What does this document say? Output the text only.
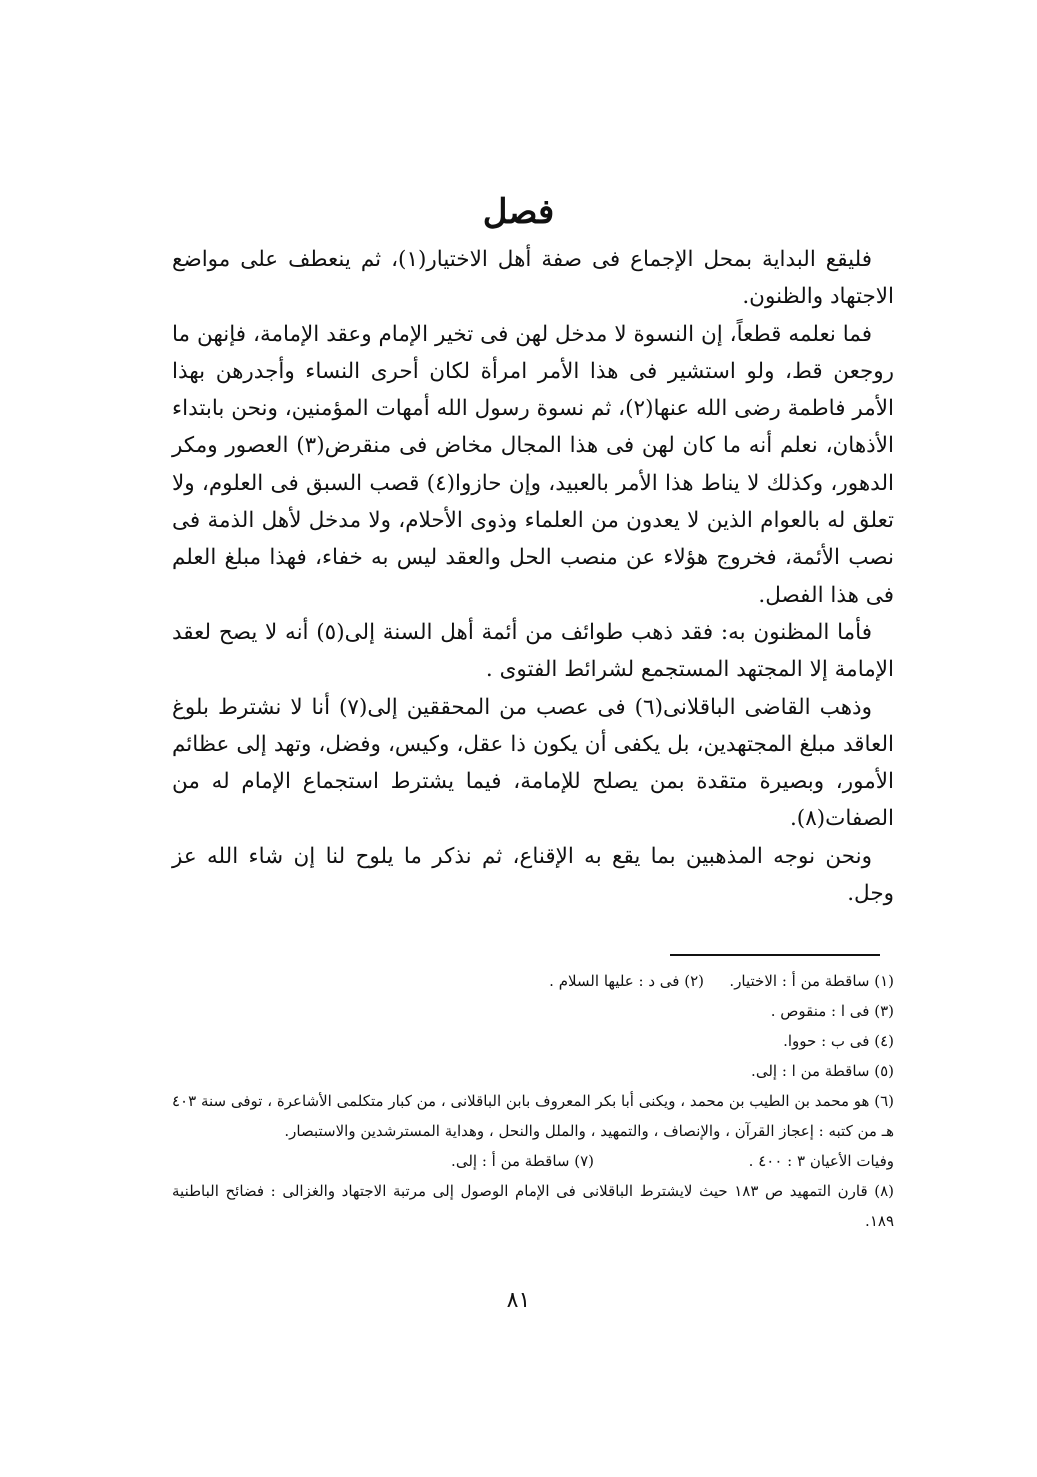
فصل

فليقع البداية بمحل الإجماع فى صفة أهل الاختيار(١)، ثم ينعطف على مواضع الاجتهاد والظنون.

فما نعلمه قطعاً، إن النسوة لا مدخل لهن فى تخير الإمام وعقد الإمامة، فإنهن ما روجعن قط، ولو استشير فى هذا الأمر امرأة لكان أحرى النساء وأجدرهن بهذا الأمر فاطمة رضى الله عنها(٢)، ثم نسوة رسول الله أمهات المؤمنين، ونحن بابتداء الأذهان، نعلم أنه ما كان لهن فى هذا المجال مخاض فى منقرض(٣) العصور ومكر الدهور، وكذلك لا يناط هذا الأمر بالعبيد، وإن حازوا(٤) قصب السبق فى العلوم، ولا تعلق له بالعوام الذين لا يعدون من العلماء وذوى الأحلام، ولا مدخل لأهل الذمة فى نصب الأئمة، فخروج هؤلاء عن منصب الحل والعقد ليس به خفاء، فهذا مبلغ العلم فى هذا الفصل.

فأما المظنون به: فقد ذهب طوائف من أئمة أهل السنة إلى(٥) أنه لا يصح لعقد الإمامة إلا المجتهد المستجمع لشرائط الفتوى .

وذهب القاضى الباقلانى(٦) فى عصب من المحققين إلى(٧) أنا لا نشترط بلوغ العاقد مبلغ المجتهدين، بل يكفى أن يكون ذا عقل، وكيس، وفضل، وتهد إلى عظائم الأمور، وبصيرة متقدة بمن يصلح للإمامة، فيما يشترط استجماع الإمام له من الصفات(٨).

ونحن نوجه المذهبين بما يقع به الإقناع، ثم نذكر ما يلوح لنا إن شاء الله عز وجل.

(١) ساقطة من أ : الاختيار.
(٢) فى د : عليها السلام .
(٣) فى ا : منقوص .
(٤) فى ب : حووا.
(٥) ساقطة من ا : إلى.
(٦) هو محمد بن الطيب بن محمد ، ويكنى أبا بكر المعروف بابن الباقلانى ، من كبار متكلمى الأشاعرة ، توفى سنة ٤٠٣ هـ من كتبه : إعجاز القرآن ، والإنصاف ، والتمهيد ، والملل والنحل ، وهداية المسترشدين والاستبصار.
وفيات الأعيان ٣ : ٤٠٠ .
(٧) ساقطة من أ : إلى.
(٨) قارن التمهيد ص ١٨٣ حيث لايشترط الباقلانى فى الإمام الوصول إلى مرتبة الاجتهاد والغزالى : فضائح الباطنية ١٨٩.
٨١
